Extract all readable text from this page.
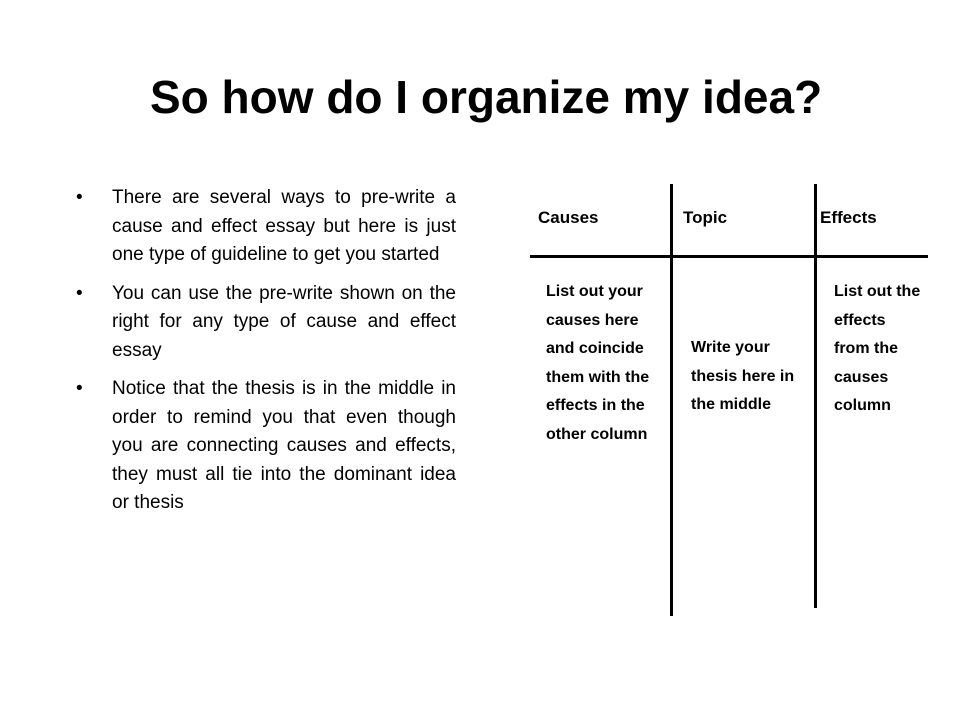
So how do I organize my idea?
• There are several ways to pre-write a cause and effect essay but here is just one type of guideline to get you started
• You can use the pre-write shown on the right for any type of cause and effect essay
• Notice that the thesis is in the middle in order to remind you that even though you are connecting causes and effects, they must all tie into the dominant idea or thesis
Causes	Topic	Effects

List out your causes here and coincide them with the effects in the other column

Write your thesis here in the middle

List out the effects from the causes column
